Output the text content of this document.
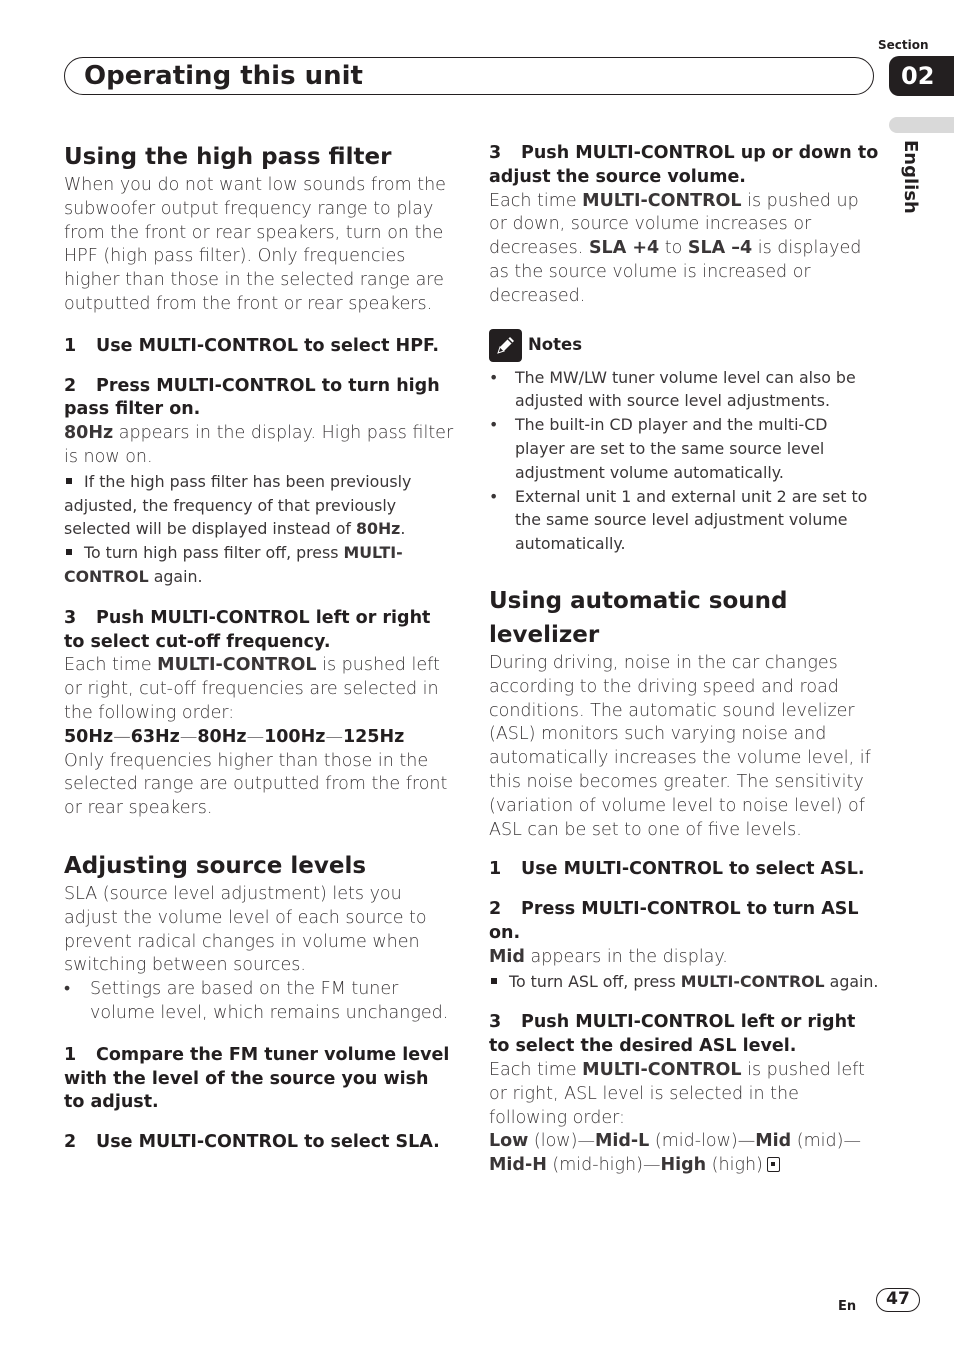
Section
02
Operating this unit
English
Using the high pass filter

When you do not want low sounds from the subwoofer output frequency range to play from the front or rear speakers, turn on the HPF (high pass filter). Only frequencies higher than those in the selected range are outputted from the front or rear speakers.

1 Use MULTI-CONTROL to select HPF.

2 Press MULTI-CONTROL to turn high pass filter on.

80Hz appears in the display. High pass filter is now on.

If the high pass filter has been previously adjusted, the frequency of that previously selected will be displayed instead of 80Hz.

To turn high pass filter off, press MULTI-CONTROL again.

3 Push MULTI-CONTROL left or right to select cut-off frequency.

Each time MULTI-CONTROL is pushed left or right, cut-off frequencies are selected in the following order:

50Hz—63Hz—80Hz—100Hz—125Hz

Only frequencies higher than those in the selected range are outputted from the front or rear speakers.

Adjusting source levels

SLA (source level adjustment) lets you adjust the volume level of each source to prevent radical changes in volume when switching between sources.

• Settings are based on the FM tuner volume level, which remains unchanged.

1 Compare the FM tuner volume level with the level of the source you wish to adjust.

2 Use MULTI-CONTROL to select SLA.

3 Push MULTI-CONTROL up or down to adjust the source volume.

Each time MULTI-CONTROL is pushed up or down, source volume increases or decreases. SLA +4 to SLA –4 is displayed as the source volume is increased or decreased.

Notes
• The MW/LW tuner volume level can also be adjusted with source level adjustments.
• The built-in CD player and the multi-CD player are set to the same source level adjustment volume automatically.
• External unit 1 and external unit 2 are set to the same source level adjustment volume automatically.
Using automatic sound levelizer

During driving, noise in the car changes according to the driving speed and road conditions. The automatic sound levelizer (ASL) monitors such varying noise and automatically increases the volume level, if this noise becomes greater. The sensitivity (variation of volume level to noise level) of ASL can be set to one of five levels.

1 Use MULTI-CONTROL to select ASL.

2 Press MULTI-CONTROL to turn ASL on.

Mid appears in the display.

To turn ASL off, press MULTI-CONTROL again.

3 Push MULTI-CONTROL left or right to select the desired ASL level.

Each time MULTI-CONTROL is pushed left or right, ASL level is selected in the following order:

Low (low)—Mid-L (mid-low)—Mid (mid)—
Mid-H (mid-high)—High (high)

En	47
